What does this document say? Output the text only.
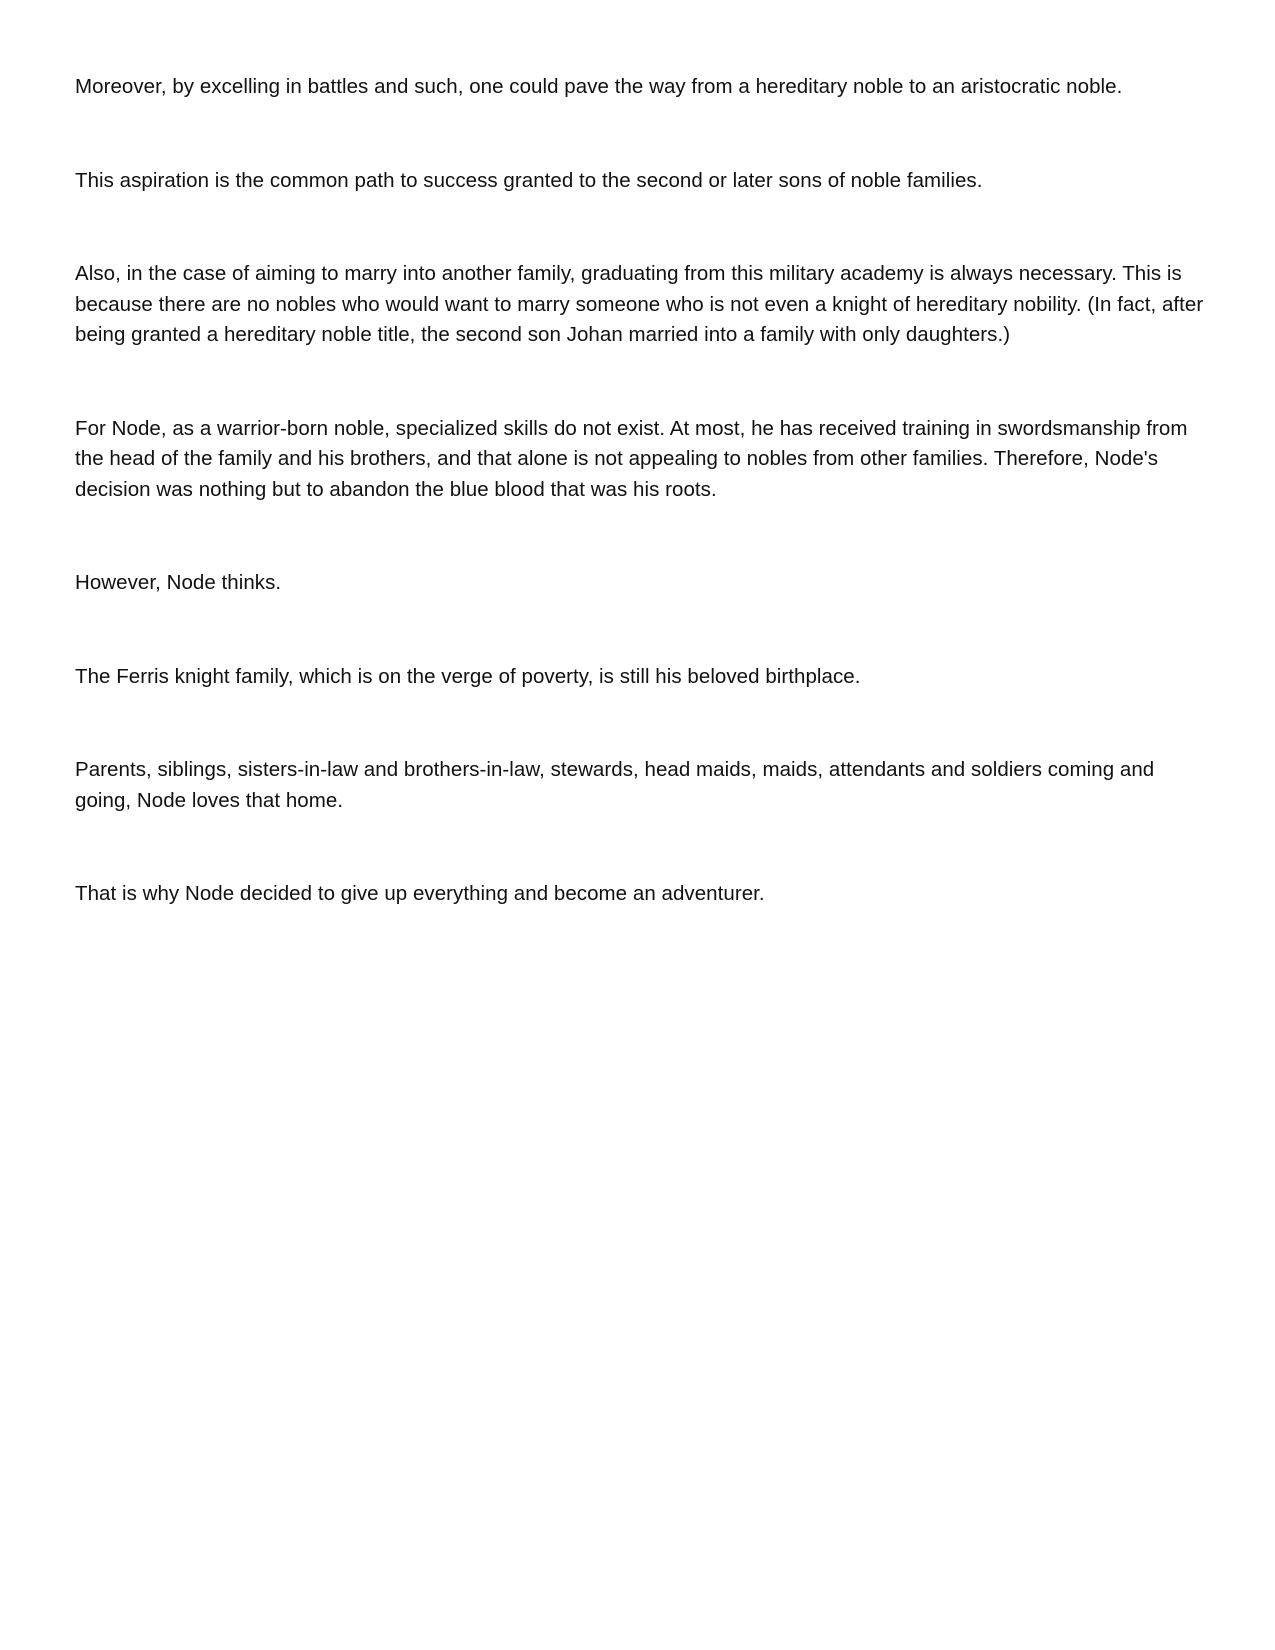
Moreover, by excelling in battles and such, one could pave the way from a hereditary noble to an aristocratic noble.

This aspiration is the common path to success granted to the second or later sons of noble families.

Also, in the case of aiming to marry into another family, graduating from this military academy is always necessary. This is because there are no nobles who would want to marry someone who is not even a knight of hereditary nobility. (In fact, after being granted a hereditary noble title, the second son Johan married into a family with only daughters.)

For Node, as a warrior-born noble, specialized skills do not exist. At most, he has received training in swordsmanship from the head of the family and his brothers, and that alone is not appealing to nobles from other families. Therefore, Node's decision was nothing but to abandon the blue blood that was his roots.

However, Node thinks.

The Ferris knight family, which is on the verge of poverty, is still his beloved birthplace.

Parents, siblings, sisters-in-law and brothers-in-law, stewards, head maids, maids, attendants and soldiers coming and going, Node loves that home.

That is why Node decided to give up everything and become an adventurer.
